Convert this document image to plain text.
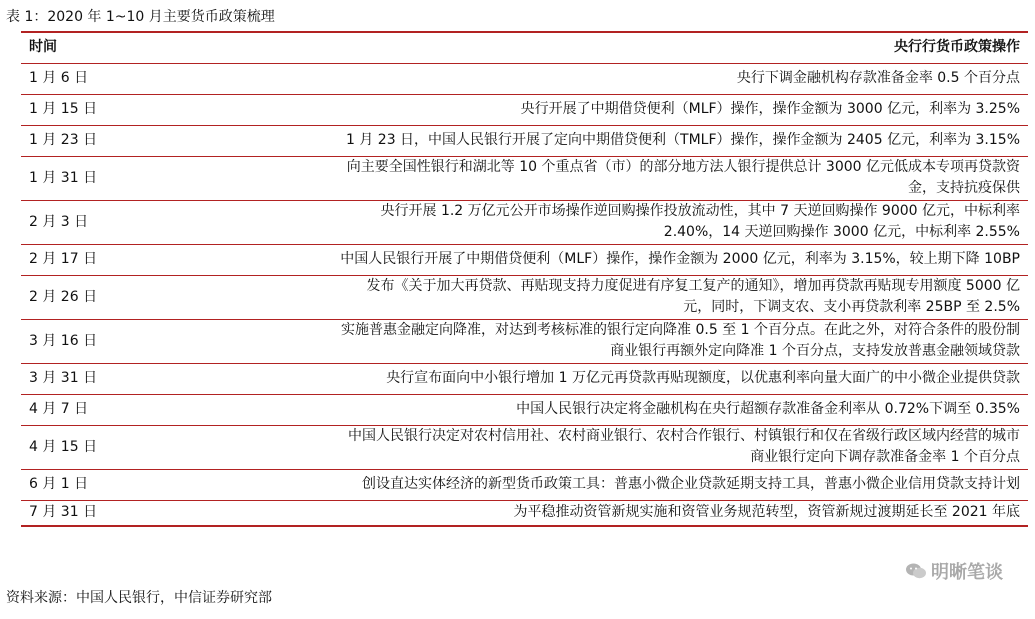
表 1：2020 年 1~10 月主要货币政策梳理
时间	央行行货币政策操作
1 月 6 日	央行下调金融机构存款准备金率 0.5 个百分点

1 月 15 日	央行开展了中期借贷便利（MLF）操作，操作金额为 3000 亿元，利率为 3.25%

1 月 23 日	1 月 23 日，中国人民银行开展了定向中期借贷便利（TMLF）操作，操作金额为 2405 亿元，利率为 3.15%

1 月 31 日	向主要全国性银行和湖北等 10 个重点省（市）的部分地方法人银行提供总计 3000 亿元低成本专项再贷款资
金，支持抗疫保供

2 月 3 日	央行开展 1.2 万亿元公开市场操作逆回购操作投放流动性，其中 7 天逆回购操作 9000 亿元，中标利率
2.40%，14 天逆回购操作 3000 亿元，中标利率 2.55%

2 月 17 日	中国人民银行开展了中期借贷便利（MLF）操作，操作金额为 2000 亿元，利率为 3.15%，较上期下降 10BP

2 月 26 日	发布《关于加大再贷款、再贴现支持力度促进有序复工复产的通知》，增加再贷款再贴现专用额度 5000 亿
元，同时，下调支农、支小再贷款利率 25BP 至 2.5%

3 月 16 日	实施普惠金融定向降准，对达到考核标准的银行定向降准 0.5 至 1 个百分点。在此之外，对符合条件的股份制
商业银行再额外定向降准 1 个百分点，支持发放普惠金融领域贷款

3 月 31 日	央行宣布面向中小银行增加 1 万亿元再贷款再贴现额度，以优惠利率向量大面广的中小微企业提供贷款

4 月 7 日	中国人民银行决定将金融机构在央行超额存款准备金利率从 0.72%下调至 0.35%

4 月 15 日	中国人民银行决定对农村信用社、农村商业银行、农村合作银行、村镇银行和仅在省级行政区域内经营的城市
商业银行定向下调存款准备金率 1 个百分点

6 月 1 日	创设直达实体经济的新型货币政策工具：普惠小微企业贷款延期支持工具，普惠小微企业信用贷款支持计划

7 月 31 日	为平稳推动资管新规实施和资管业务规范转型，资管新规过渡期延长至 2021 年底
资料来源：中国人民银行，中信证券研究部
明晰笔谈
